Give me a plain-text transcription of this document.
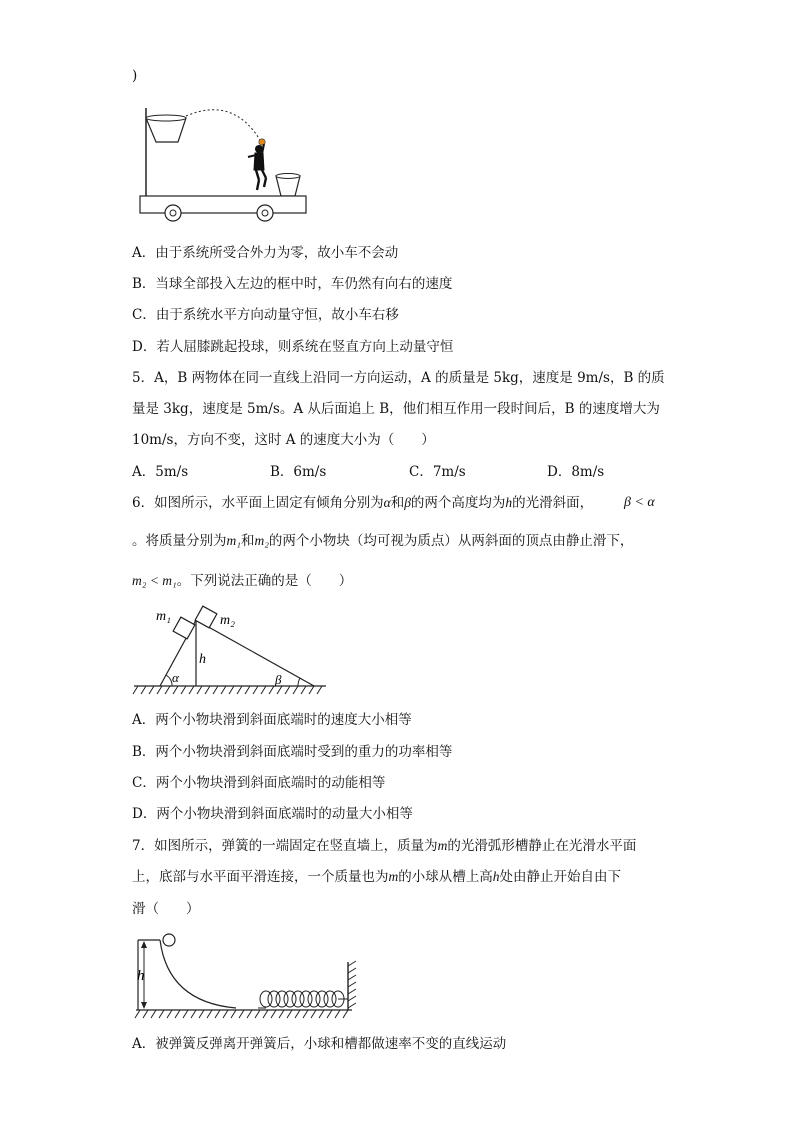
)
A．由于系统所受合外力为零，故小车不会动
B．当球全部投入左边的框中时，车仍然有向右的速度
C．由于系统水平方向动量守恒，故小车右移
D．若人屈膝跳起投球，则系统在竖直方向上动量守恒
5．A，B 两物体在同一直线上沿同一方向运动，A 的质量是 5kg，速度是 9m/s，B 的质
量是 3kg，速度是 5m/s。A 从后面追上 B，他们相互作用一段时间后，B 的速度增大为
10m/s，方向不变，这时 A 的速度大小为（　　）
A．5m/s	B．6m/s	C．7m/s	D．8m/s
6．如图所示，水平面上固定有倾角分别为α和β的两个高度均为h的光滑斜面， β < α
。将质量分别为m₁和m₂的两个小物块（均可视为质点）从两斜面的顶点由静止滑下，
m₂ < m₁。下列说法正确的是（　　）
m₁	m₂
h
α	β
A．两个小物块滑到斜面底端时的速度大小相等
B．两个小物块滑到斜面底端时受到的重力的功率相等
C．两个小物块滑到斜面底端时的动能相等
D．两个小物块滑到斜面底端时的动量大小相等
7．如图所示，弹簧的一端固定在竖直墙上，质量为m的光滑弧形槽静止在光滑水平面
上，底部与水平面平滑连接，一个质量也为m的小球从槽上高h处由静止开始自由下
滑（　　）
h
A．被弹簧反弹离开弹簧后，小球和槽都做速率不变的直线运动
